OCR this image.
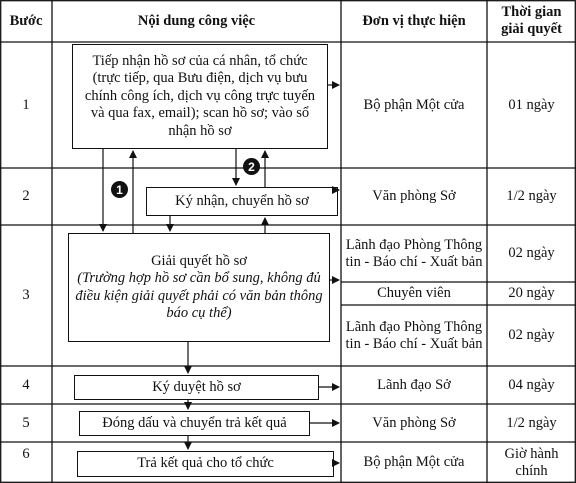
Bước	Nội dung công việc	Đơn vị thực hiện
Thời gian
giải quyết
1
2
3
4
5
6
Bộ phận Một cửa
Văn phòng Sở
Lãnh đạo Phòng Thông tin - Báo chí - Xuất bản
Chuyên viên
Lãnh đạo Phòng Thông tin - Báo chí - Xuất bản
Lãnh đạo Sở
Văn phòng Sở
Bộ phận Một cửa
01 ngày
1/2 ngày
02 ngày
20 ngày
02 ngày
04 ngày
1/2 ngày
Giờ hành chính
Tiếp nhận hồ sơ của cá nhân, tổ chức (trực tiếp, qua Bưu điện, dịch vụ bưu chính công ích, dịch vụ công trực tuyến và qua fax, email); scan hồ sơ; vào sổ nhận hồ sơ
Ký nhận, chuyển hồ sơ
Giải quyết hồ sơ
(Trường hợp hồ sơ cần bổ sung, không đủ điều kiện giải quyết phải có văn bản thông báo cụ thể)
Ký duyệt hồ sơ
Đóng dấu và chuyển trả kết quả
Trả kết quả cho tổ chức
1
2
